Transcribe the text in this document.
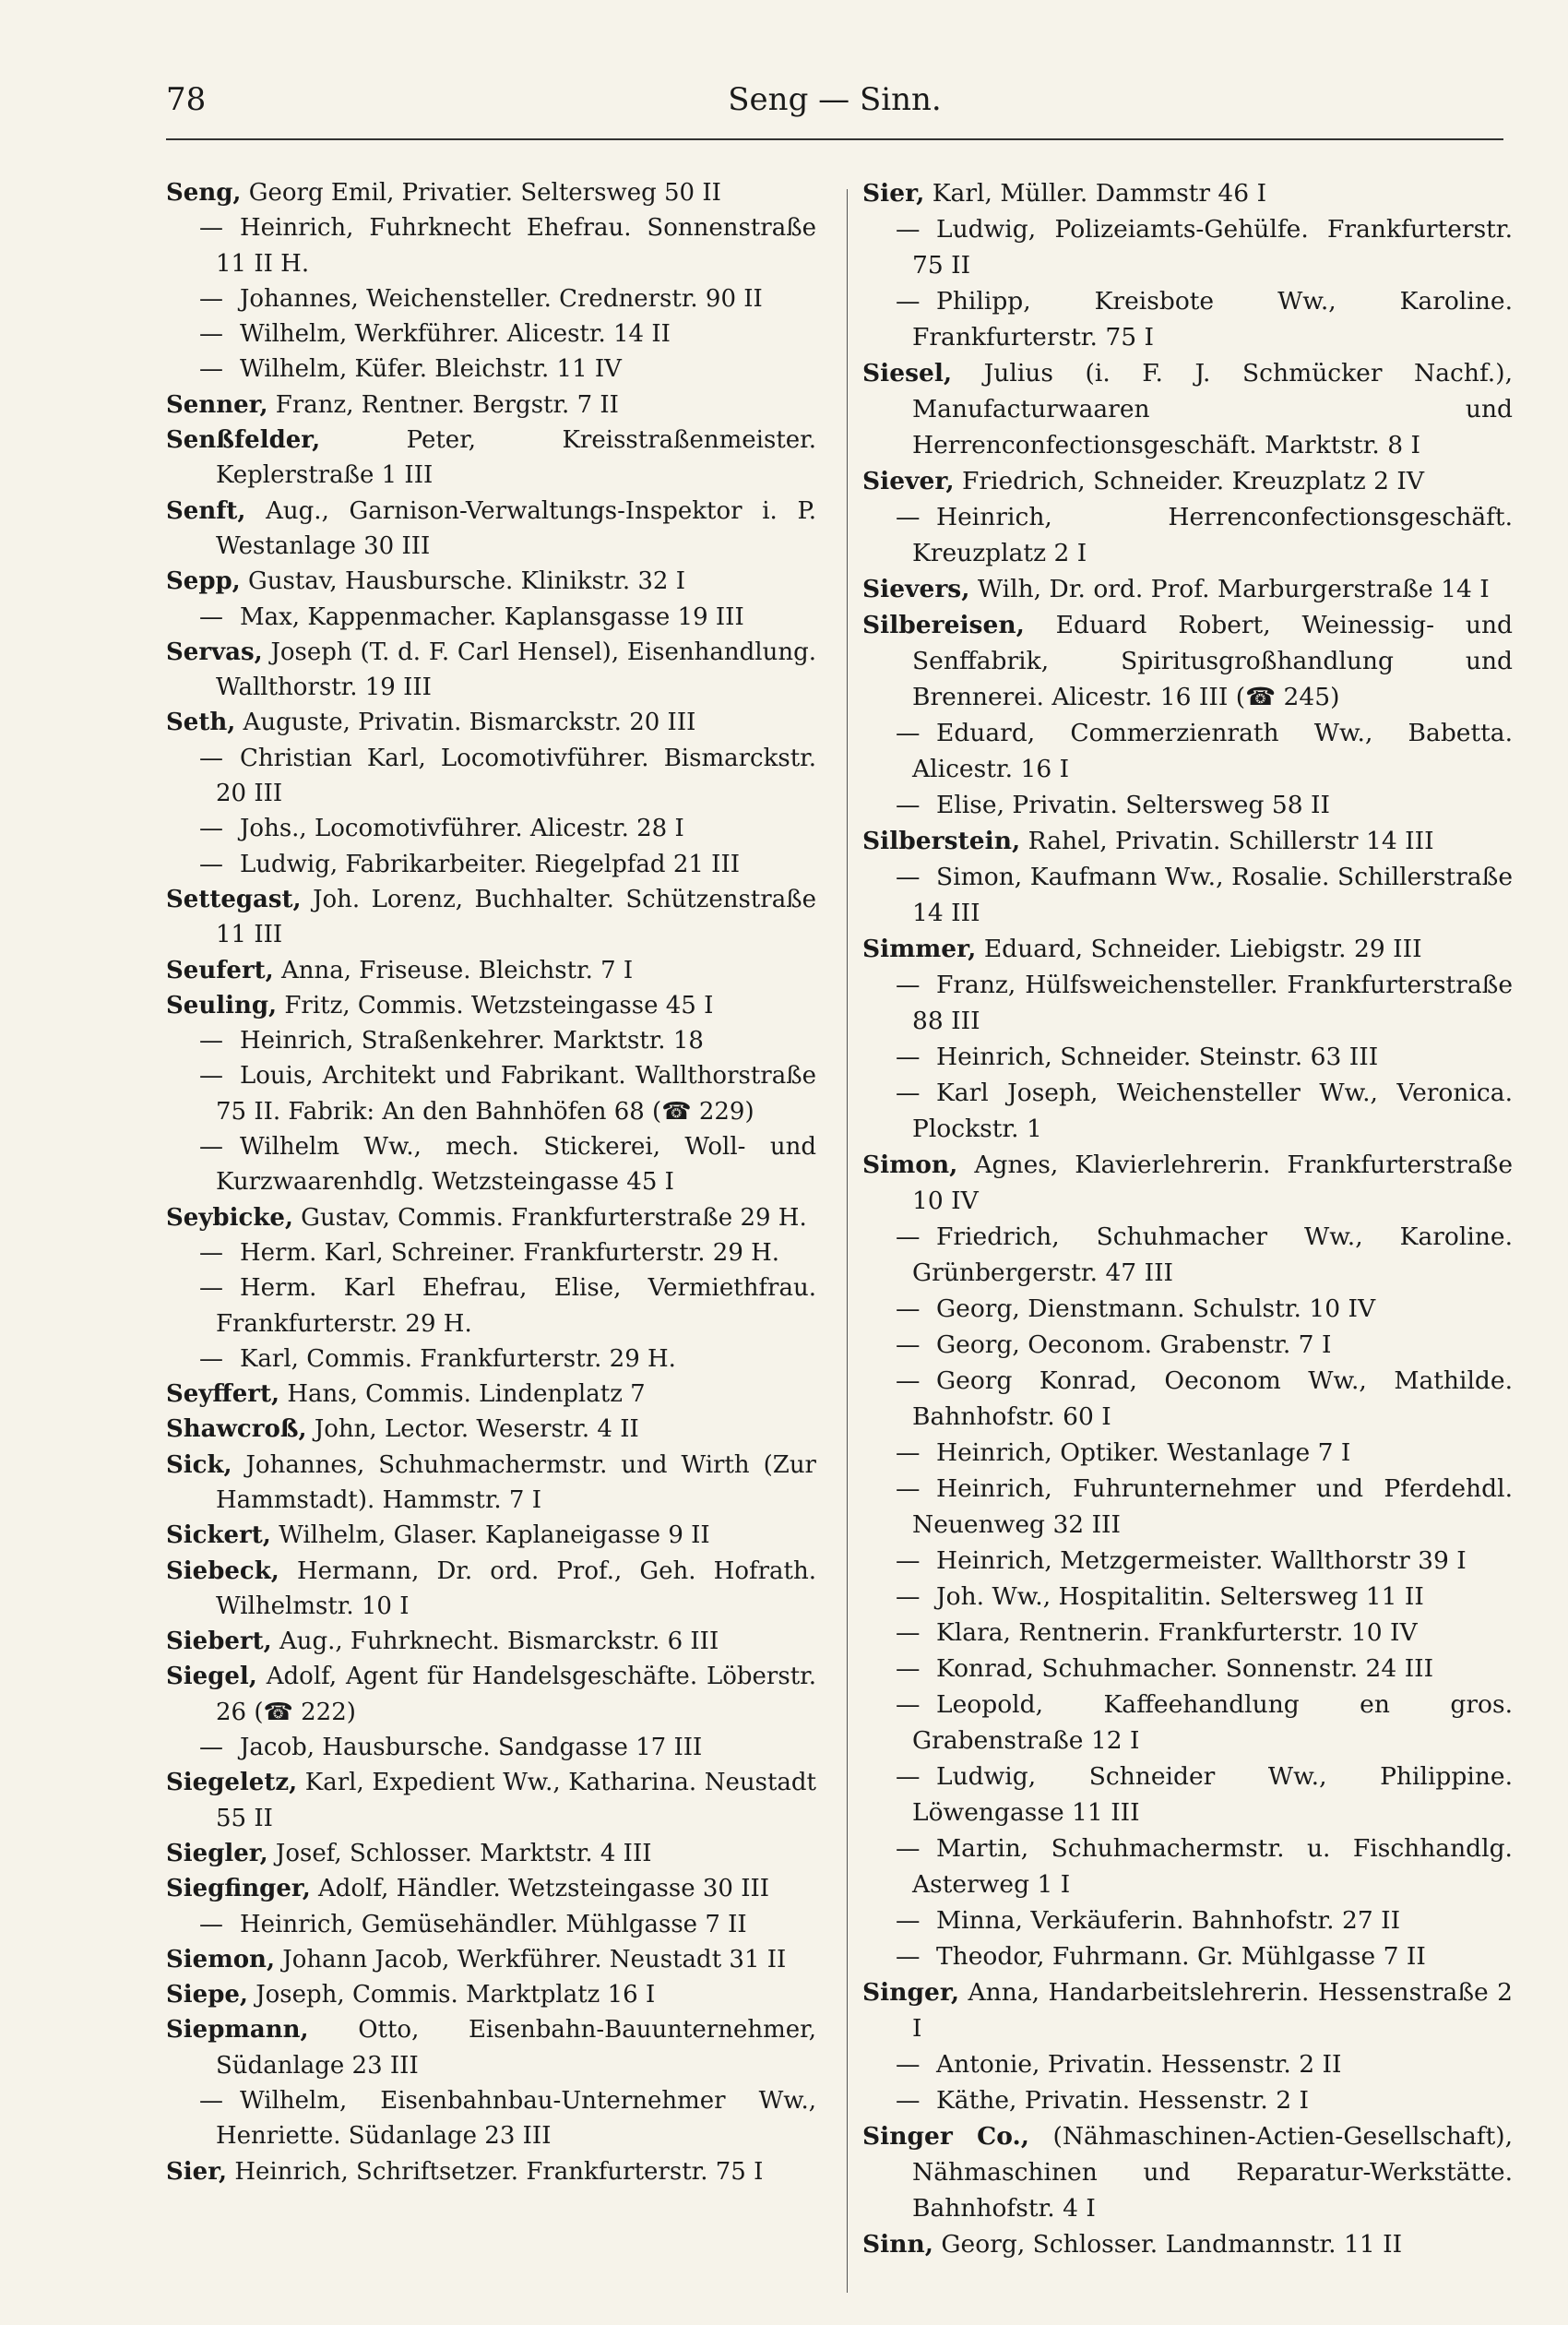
78	Seng — Sinn.

Seng, Georg Emil, Privatier. Seltersweg 50 II

— Heinrich, Fuhrknecht Ehefrau. Sonnenstraße 11 II H.

— Johannes, Weichensteller. Crednerstr. 90 II

— Wilhelm, Werkführer. Alicestr. 14 II

— Wilhelm, Küfer. Bleichstr. 11 IV

Senner, Franz, Rentner. Bergstr. 7 II

Senßfelder, Peter, Kreisstraßenmeister. Keplerstraße 1 III

Senft, Aug., Garnison-Verwaltungs-Inspektor i. P. Westanlage 30 III

Sepp, Gustav, Hausbursche. Klinikstr. 32 I

— Max, Kappenmacher. Kaplansgasse 19 III

Servas, Joseph (T. d. F. Carl Hensel), Eisenhandlung. Wallthorstr. 19 III

Seth, Auguste, Privatin. Bismarckstr. 20 III

— Christian Karl, Locomotivführer. Bismarckstr. 20 III

— Johs., Locomotivführer. Alicestr. 28 I

— Ludwig, Fabrikarbeiter. Riegelpfad 21 III

Settegast, Joh. Lorenz, Buchhalter. Schützenstraße 11 III

Seufert, Anna, Friseuse. Bleichstr. 7 I

Seuling, Fritz, Commis. Wetzsteingasse 45 I

— Heinrich, Straßenkehrer. Marktstr. 18

— Louis, Architekt und Fabrikant. Wallthorstraße 75 II. Fabrik: An den Bahnhöfen 68 (☎ 229)

— Wilhelm Ww., mech. Stickerei, Woll- und Kurzwaarenhdlg. Wetzsteingasse 45 I

Seybicke, Gustav, Commis. Frankfurterstraße 29 H.

— Herm. Karl, Schreiner. Frankfurterstr. 29 H.

— Herm. Karl Ehefrau, Elise, Vermiethfrau. Frankfurterstr. 29 H.

— Karl, Commis. Frankfurterstr. 29 H.

Seyffert, Hans, Commis. Lindenplatz 7

Shawcroß, John, Lector. Weserstr. 4 II

Sick, Johannes, Schuhmachermstr. und Wirth (Zur Hammstadt). Hammstr. 7 I

Sickert, Wilhelm, Glaser. Kaplaneigasse 9 II

Siebeck, Hermann, Dr. ord. Prof., Geh. Hofrath. Wilhelmstr. 10 I

Siebert, Aug., Fuhrknecht. Bismarckstr. 6 III

Siegel, Adolf, Agent für Handelsgeschäfte. Löberstr. 26 (☎ 222)

— Jacob, Hausbursche. Sandgasse 17 III

Siegeletz, Karl, Expedient Ww., Katharina. Neustadt 55 II

Siegler, Josef, Schlosser. Marktstr. 4 III

Siegfinger, Adolf, Händler. Wetzsteingasse 30 III

— Heinrich, Gemüsehändler. Mühlgasse 7 II

Siemon, Johann Jacob, Werkführer. Neustadt 31 II

Siepe, Joseph, Commis. Marktplatz 16 I

Siepmann, Otto, Eisenbahn-Bauunternehmer, Südanlage 23 III

— Wilhelm, Eisenbahnbau-Unternehmer Ww., Henriette. Südanlage 23 III

Sier, Heinrich, Schriftsetzer. Frankfurterstr. 75 I

Sier, Karl, Müller. Dammstr 46 I

— Ludwig, Polizeiamts-Gehülfe. Frankfurterstr. 75 II

— Philipp, Kreisbote Ww., Karoline. Frankfurterstr. 75 I

Siesel, Julius (i. F. J. Schmücker Nachf.), Manufacturwaaren und Herrenconfectionsgeschäft. Marktstr. 8 I

Siever, Friedrich, Schneider. Kreuzplatz 2 IV

— Heinrich, Herrenconfectionsgeschäft. Kreuzplatz 2 I

Sievers, Wilh, Dr. ord. Prof. Marburgerstraße 14 I

Silbereisen, Eduard Robert, Weinessig- und Senffabrik, Spiritusgroßhandlung und Brennerei. Alicestr. 16 III (☎ 245)

— Eduard, Commerzienrath Ww., Babetta. Alicestr. 16 I

— Elise, Privatin. Seltersweg 58 II

Silberstein, Rahel, Privatin. Schillerstr 14 III

— Simon, Kaufmann Ww., Rosalie. Schillerstraße 14 III

Simmer, Eduard, Schneider. Liebigstr. 29 III

— Franz, Hülfsweichensteller. Frankfurterstraße 88 III

— Heinrich, Schneider. Steinstr. 63 III

— Karl Joseph, Weichensteller Ww., Veronica. Plockstr. 1

Simon, Agnes, Klavierlehrerin. Frankfurterstraße 10 IV

— Friedrich, Schuhmacher Ww., Karoline. Grünbergerstr. 47 III

— Georg, Dienstmann. Schulstr. 10 IV

— Georg, Oeconom. Grabenstr. 7 I

— Georg Konrad, Oeconom Ww., Mathilde. Bahnhofstr. 60 I

— Heinrich, Optiker. Westanlage 7 I

— Heinrich, Fuhrunternehmer und Pferdehdl. Neuenweg 32 III

— Heinrich, Metzgermeister. Wallthorstr 39 I

— Joh. Ww., Hospitalitin. Seltersweg 11 II

— Klara, Rentnerin. Frankfurterstr. 10 IV

— Konrad, Schuhmacher. Sonnenstr. 24 III

— Leopold, Kaffeehandlung en gros. Grabenstraße 12 I

— Ludwig, Schneider Ww., Philippine. Löwengasse 11 III

— Martin, Schuhmachermstr. u. Fischhandlg. Asterweg 1 I

— Minna, Verkäuferin. Bahnhofstr. 27 II

— Theodor, Fuhrmann. Gr. Mühlgasse 7 II

Singer, Anna, Handarbeitslehrerin. Hessenstraße 2 I

— Antonie, Privatin. Hessenstr. 2 II

— Käthe, Privatin. Hessenstr. 2 I

Singer Co., (Nähmaschinen-Actien-Gesellschaft), Nähmaschinen und Reparatur-Werkstätte. Bahnhofstr. 4 I

Sinn, Georg, Schlosser. Landmannstr. 11 II
